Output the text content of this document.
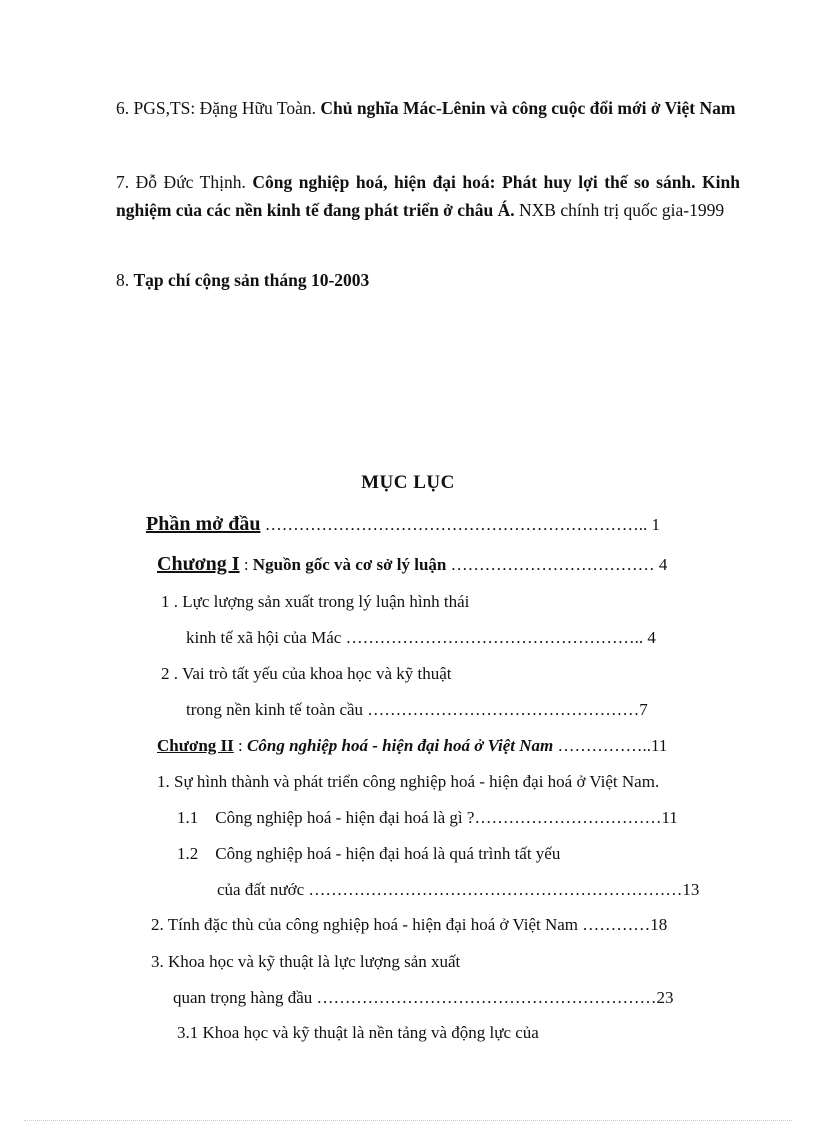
6. PGS,TS: Đặng Hữu Toàn. Chủ nghĩa Mác-Lênin và công cuộc đổi mới ở Việt Nam
7. Đỗ Đức Thịnh. Công nghiệp hoá, hiện đại hoá: Phát huy lợi thế so sánh. Kinh nghiệm của các nền kinh tế đang phát triển ở châu Á. NXB chính trị quốc gia-1999
8. Tạp chí cộng sản tháng 10-2003
MỤC LỤC
Phần mở đầu ………………………………………………………….. 1
Chương I : Nguồn gốc và cơ sở lý luận ……………………………… 4
1 . Lực lượng sản xuất trong lý luận hình thái
kinh tế xã hội của Mác …………………………………………….. 4
2 . Vai trò tất yếu của khoa học và kỹ thuật
trong nền kinh tế toàn cầu …………………………………………7
Chương II : Công nghiệp hoá - hiện đại hoá ở Việt Nam ……………..11
1. Sự hình thành và phát triển công nghiệp hoá - hiện đại hoá ở Việt Nam.
1.1 Công nghiệp hoá - hiện đại hoá là gì ?……………………………11
1.2 Công nghiệp hoá - hiện đại hoá là quá trình tất yếu
của đất nước …………………………………………………………13
2. Tính đặc thù của công nghiệp hoá - hiện đại hoá ở Việt Nam …………18
3. Khoa học và kỹ thuật là lực lượng sản xuất
quan trọng hàng đầu ……………………………………………………23
3.1 Khoa học và kỹ thuật là nền tảng và động lực của
